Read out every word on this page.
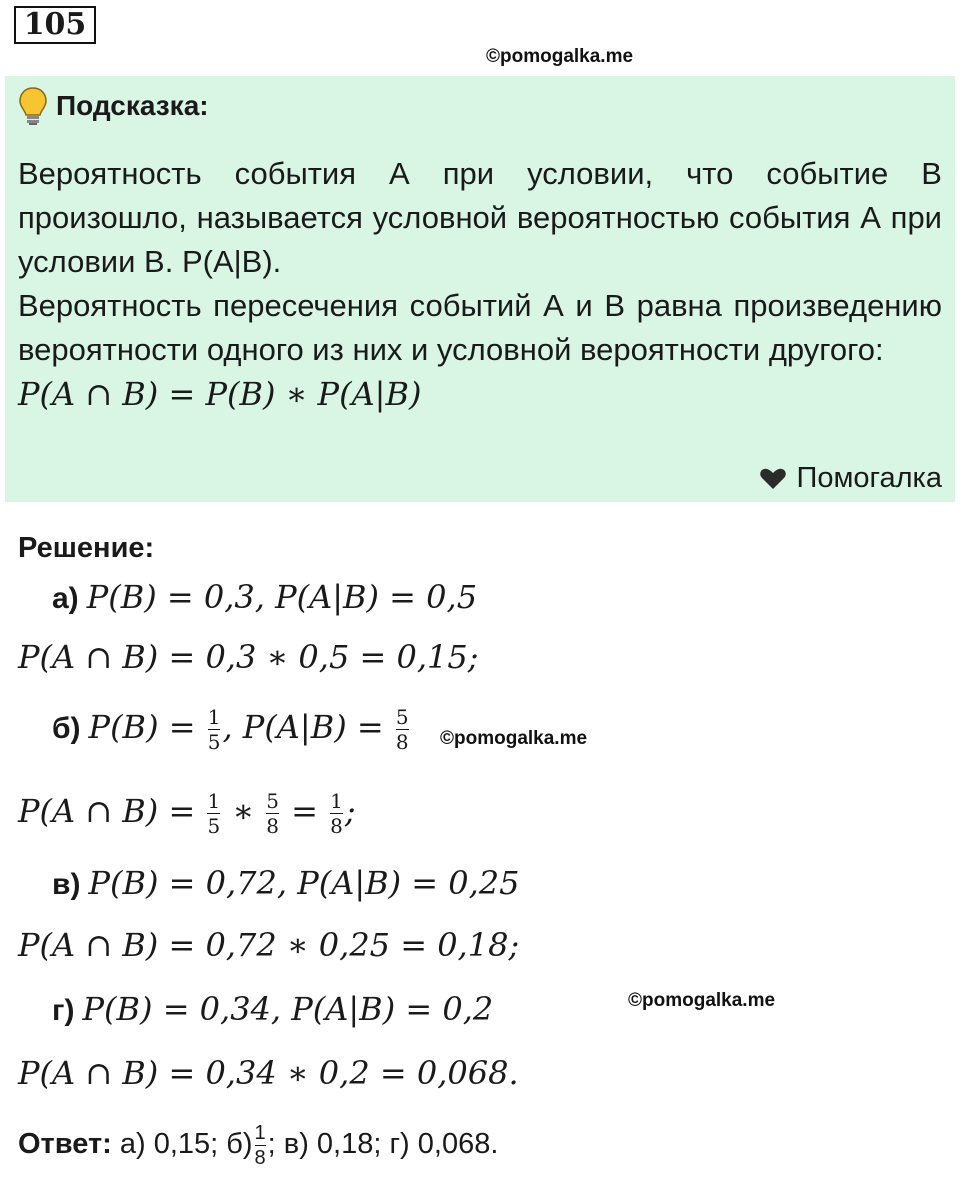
105
©pomogalka.me
Подсказка:

Вероятность события А при условии, что событие В произошло, называется условной вероятностью события А при условии В. Р(А|В).

Вероятность пересечения событий А и В равна произведению вероятности одного из них и условной вероятности другого:

P(A ∩ B) = P(B) ∗ P(A|B)
Помогалка
Решение:
а) P(B) = 0,3, P(A|B) = 0,5
P(A ∩ B) = 0,3 ∗ 0,5 = 0,15;
б) $P(B) = \frac{1}{5}$ , $P(A|B) = \frac{5}{8}$ ©pomogalka.me
P(A ∩ $B) = \frac{1}{5}$ ∗ $\frac{5}{8} = \frac{1}{8}$ ;
в) P(B) = 0,72, P(A|B) = 0,25
P(A ∩ B) = 0,72 ∗ 0,25 = 0,18;
г) P(B) = 0,34, P(A|B) = 0,2	©pomogalka.me
P(A ∩ B) = 0,34 ∗ 0,2 = 0,068.
Ответ: а) 0,15; $б) \frac{1}{8}$ ; в) 0,18; г) 0,068.
